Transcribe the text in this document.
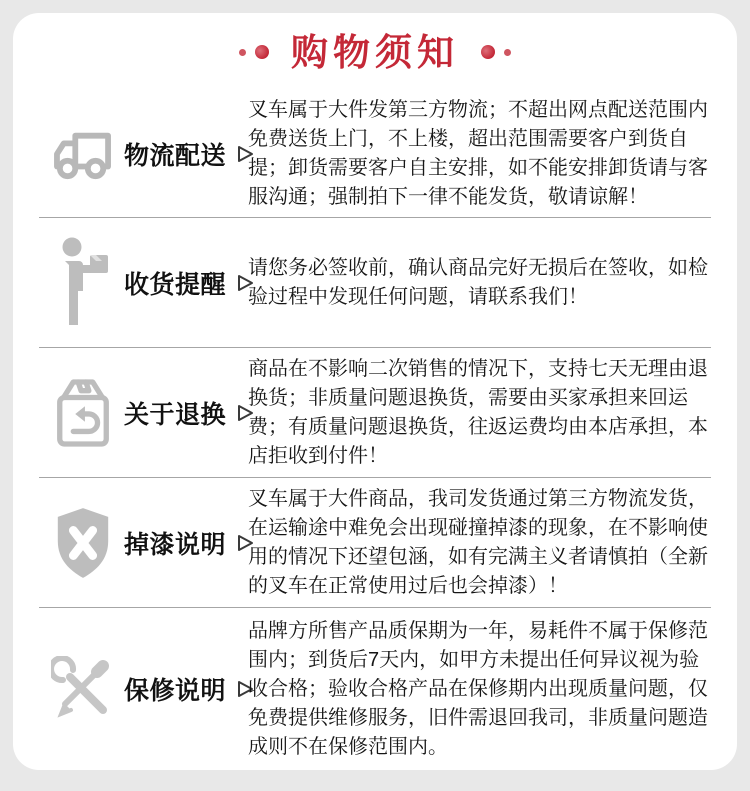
购物须知
物流配送
叉车属于大件发第三方物流；不超出网点配送范围内免费送货上门，不上楼，超出范围需要客户到货自提；卸货需要客户自主安排，如不能安排卸货请与客服沟通；强制拍下一律不能发货，敬请谅解！
收货提醒
请您务必签收前，确认商品完好无损后在签收，如检验过程中发现任何问题，请联系我们！
关于退换
商品在不影响二次销售的情况下，支持七天无理由退换货；非质量问题退换货，需要由买家承担来回运费；有质量问题退换货，往返运费均由本店承担，本店拒收到付件！
掉漆说明
叉车属于大件商品，我司发货通过第三方物流发货，在运输途中难免会出现碰撞掉漆的现象，在不影响使用的情况下还望包涵，如有完满主义者请慎拍（全新的叉车在正常使用过后也会掉漆）！
保修说明
品牌方所售产品质保期为一年，易耗件不属于保修范围内；到货后7天内，如甲方未提出任何异议视为验收合格；验收合格产品在保修期内出现质量问题，仅免费提供维修服务，旧件需退回我司，非质量问题造成则不在保修范围内。
